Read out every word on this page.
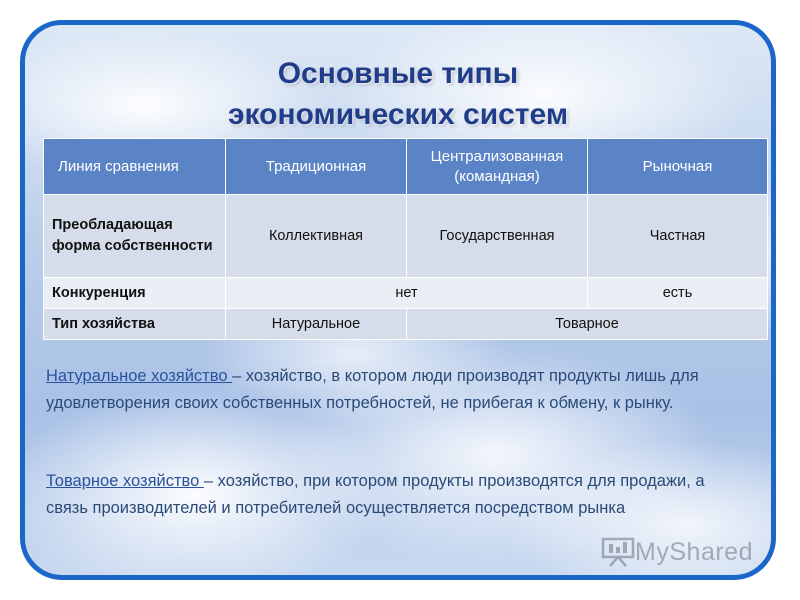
Основные типы
экономических систем
Линия сравнения	Традиционная	Централизованная (командная)	Рыночная
Преобладающая форма собственности	Коллективная	Государственная	Частная
Конкуренция	нет		есть
Тип хозяйства	Натуральное	Товарное	
Натуральное хозяйство – хозяйство, в котором люди производят продукты лишь для удовлетворения своих собственных потребностей, не прибегая к обмену, к рынку.
Товарное хозяйство – хозяйство, при котором продукты производятся для продажи, а связь производителей и потребителей осуществляется посредством рынка
MyShared
